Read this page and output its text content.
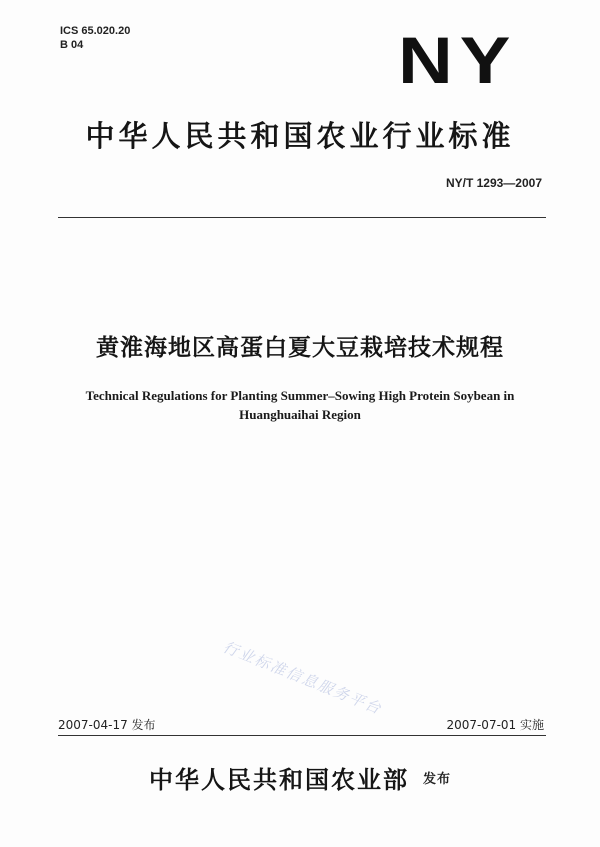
ICS 65.020.20
B 04	NY
中华人民共和国农业行业标准
NY/T 1293—2007
黄淮海地区高蛋白夏大豆栽培技术规程
Technical Regulations for Planting Summer–Sowing High Protein Soybean in
Huanghuaihai Region
行业标准信息服务平台
2007-04-17 发布	2007-07-01 实施
中华人民共和国农业部 发布
